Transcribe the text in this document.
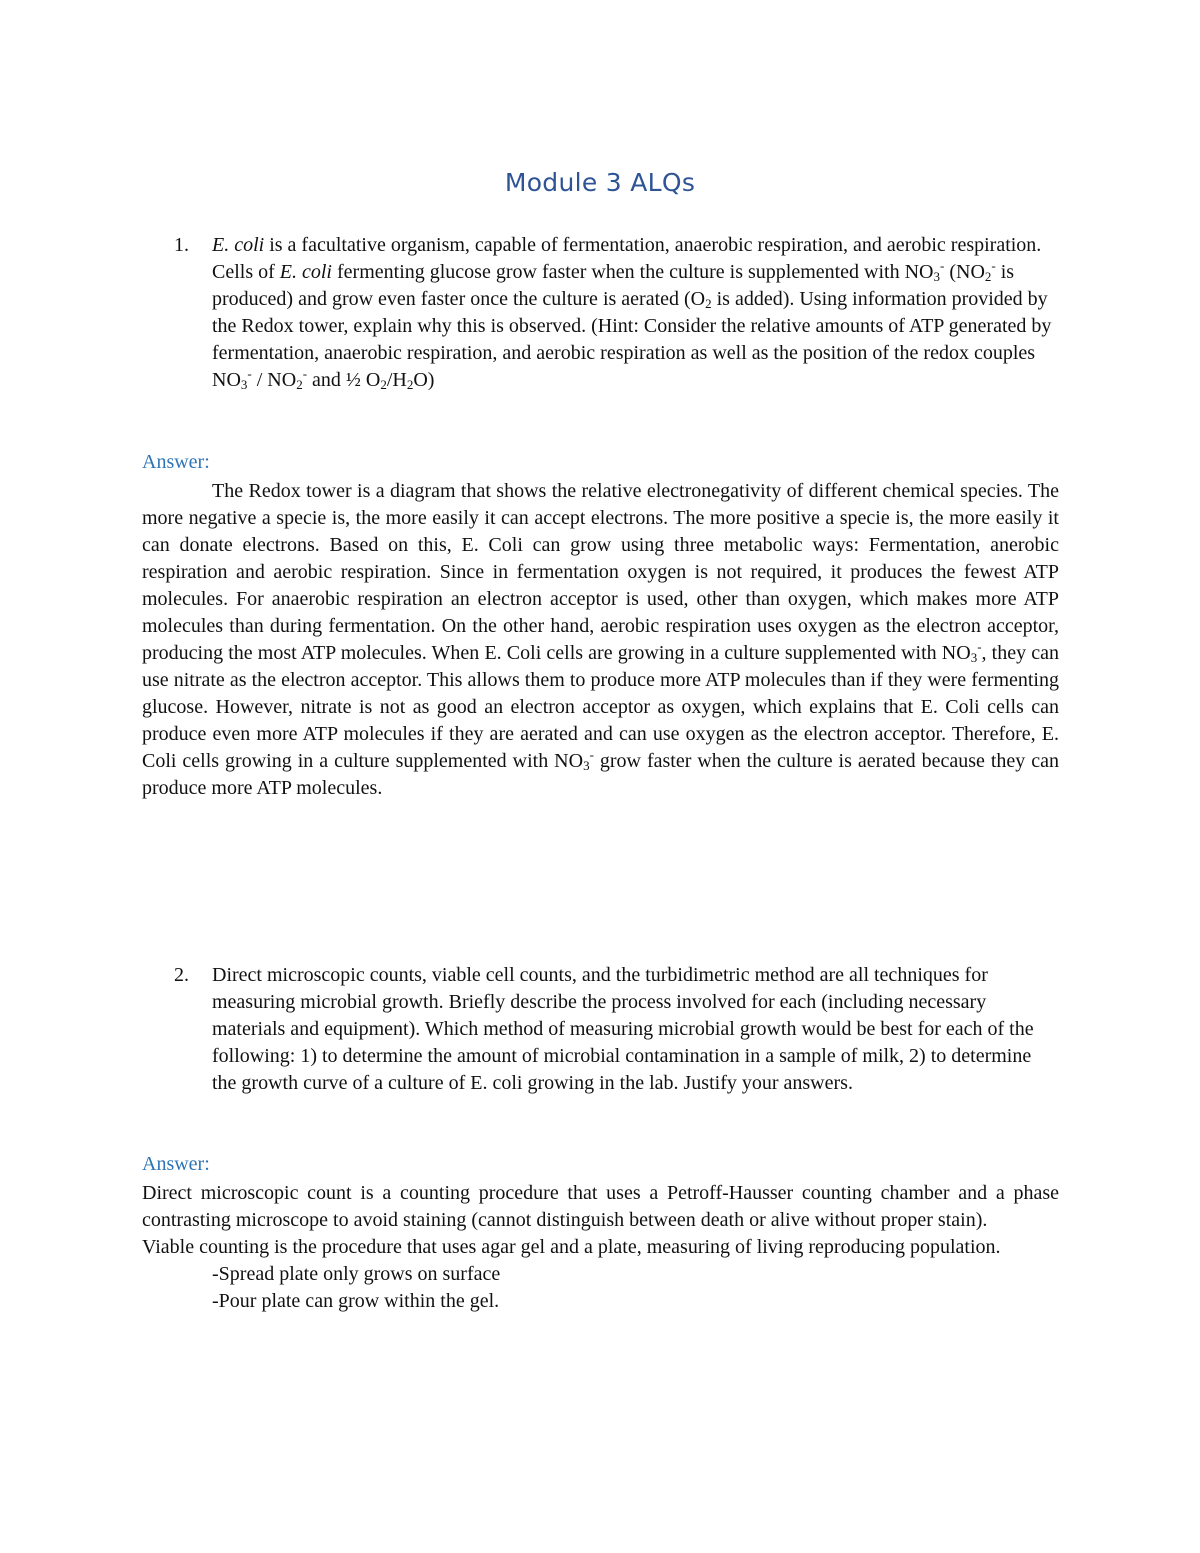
Module 3 ALQs
1. E. coli is a facultative organism, capable of fermentation, anaerobic respiration, and aerobic respiration. Cells of E. coli fermenting glucose grow faster when the culture is supplemented with $NO_3^-$ ($NO_2^-$ is produced) and grow even faster once the culture is aerated ($O_2$ is added). Using information provided by the Redox tower, explain why this is observed. (Hint: Consider the relative amounts of ATP generated by fermentation, anaerobic respiration, and aerobic respiration as well as the position of the redox couples $NO_3^- / NO_2^-$ and ½ $O_2/H_2O$)
Answer:
The Redox tower is a diagram that shows the relative electronegativity of different chemical species. The more negative a specie is, the more easily it can accept electrons. The more positive a specie is, the more easily it can donate electrons. Based on this, E. Coli can grow using three metabolic ways: Fermentation, anerobic respiration and aerobic respiration. Since in fermentation oxygen is not required, it produces the fewest ATP molecules. For anaerobic respiration an electron acceptor is used, other than oxygen, which makes more ATP molecules than during fermentation. On the other hand, aerobic respiration uses oxygen as the electron acceptor, producing the most ATP molecules. When E. Coli cells are growing in a culture supplemented with $NO_3^-$, they can use nitrate as the electron acceptor. This allows them to produce more ATP molecules than if they were fermenting glucose. However, nitrate is not as good an electron acceptor as oxygen, which explains that E. Coli cells can produce even more ATP molecules if they are aerated and can use oxygen as the electron acceptor. Therefore, E. Coli cells growing in a culture supplemented with $NO_3^-$ grow faster when the culture is aerated because they can produce more ATP molecules.
2. Direct microscopic counts, viable cell counts, and the turbidimetric method are all techniques for measuring microbial growth. Briefly describe the process involved for each (including necessary materials and equipment). Which method of measuring microbial growth would be best for each of the following: 1) to determine the amount of microbial contamination in a sample of milk, 2) to determine the growth curve of a culture of E. coli growing in the lab. Justify your answers.
Answer:

Direct microscopic count is a counting procedure that uses a Petroff-Hausser counting chamber and a phase contrasting microscope to avoid staining (cannot distinguish between death or alive without proper stain).

Viable counting is the procedure that uses agar gel and a plate, measuring of living reproducing population.

-Spread plate only grows on surface

-Pour plate can grow within the gel.
